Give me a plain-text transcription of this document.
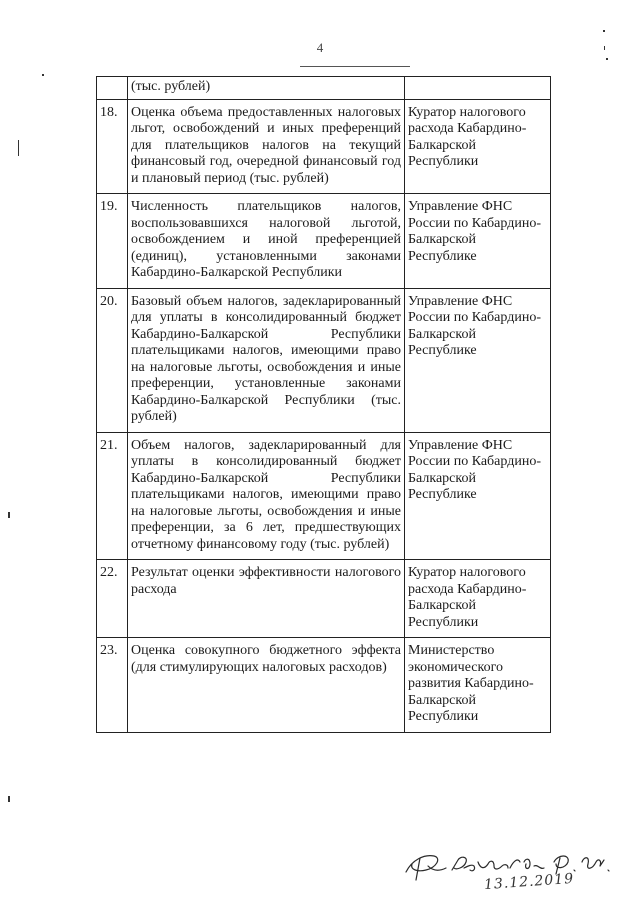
4
	(тыс. рублей)	
18.	Оценка объема предоставленных налоговых льгот, освобождений и иных преференций для плательщиков налогов на текущий финансовый год, очередной финансовый год и плановый период (тыс. рублей)	Куратор налогового расхода Кабардино-Балкарской Республики
19.	Численность плательщиков налогов, воспользовавшихся налоговой льготой, освобождением и иной преференцией (единиц), установленными законами Кабардино-Балкарской Республики	Управление ФНС России по Кабардино-Балкарской Республике
20.	Базовый объем налогов, задекларированный для уплаты в консолидированный бюджет Кабардино-Балкарской Республики плательщиками налогов, имеющими право на налоговые льготы, освобождения и иные преференции, установленные законами Кабардино-Балкарской Республики (тыс. рублей)	Управление ФНС России по Кабардино-Балкарской Республике
21.	Объем налогов, задекларированный для уплаты в консолидированный бюджет Кабардино-Балкарской Республики плательщиками налогов, имеющими право на налоговые льготы, освобождения и иные преференции, за 6 лет, предшествующих отчетному финансовому году (тыс. рублей)	Управление ФНС России по Кабардино-Балкарской Республике
22.	Результат оценки эффективности налогового расхода	Куратор налогового расхода Кабардино-Балкарской Республики
23.	Оценка совокупного бюджетного эффекта (для стимулирующих налоговых расходов)	Министерство экономического развития Кабардино-Балкарской Республики
13.12.2019
